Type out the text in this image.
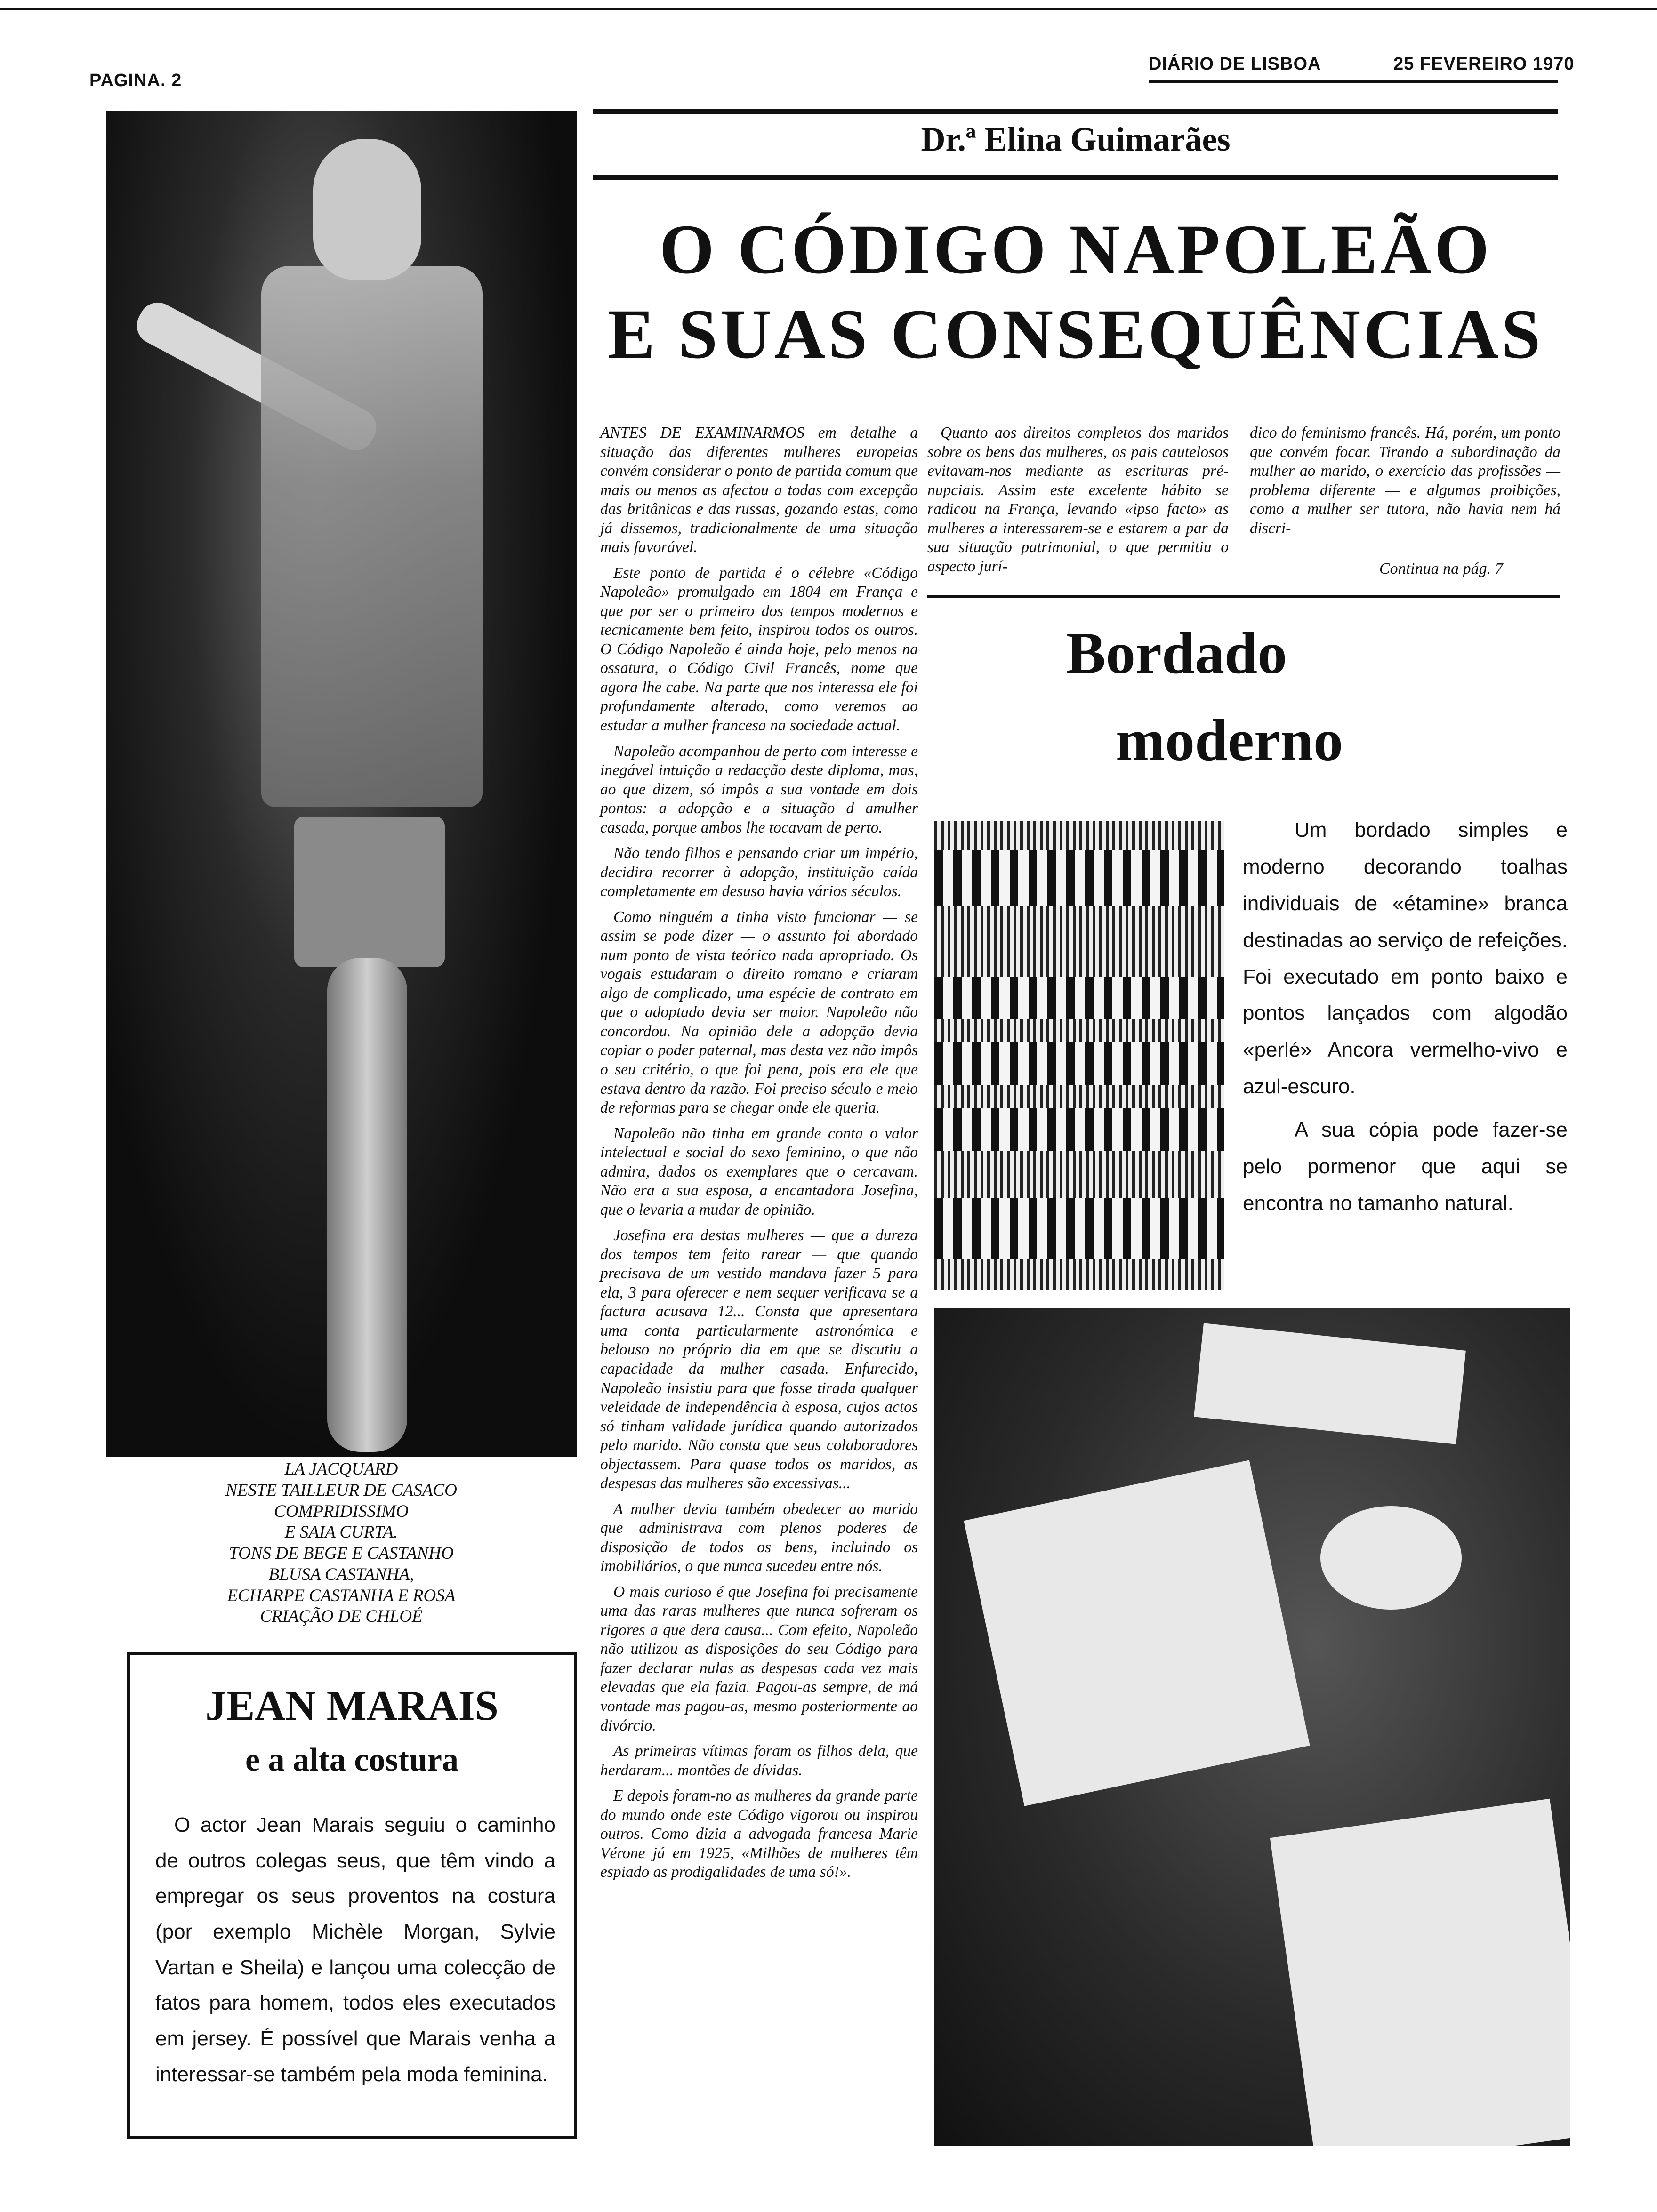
PAGINA. 2
DIÁRIO DE LISBOA	25 FEVEREIRO 1970
LA JACQUARD
NESTE TAILLEUR DE CASACO
COMPRIDISSIMO
E SAIA CURTA.
TONS DE BEGE E CASTANHO
BLUSA CASTANHA,
ECHARPE CASTANHA E ROSA
CRIAÇÃO DE CHLOÉ
JEAN MARAIS
e a alta costura

O actor Jean Marais seguiu o caminho de outros colegas seus, que têm vindo a empregar os seus proventos na costura (por exemplo Michèle Morgan, Sylvie Vartan e Sheila) e lançou uma colecção de fatos para homem, todos eles executados em jersey. É possível que Marais venha a interessar-se também pela moda feminina.

Dr.ª Elina Guimarães
O CÓDIGO NAPOLEÃO
E SUAS CONSEQUÊNCIAS

ANTES DE EXAMINARMOS em detalhe a situação das diferentes mulheres europeias convém considerar o ponto de partida comum que mais ou menos as afectou a todas com excepção das britânicas e das russas, gozando estas, como já dissemos, tradicionalmente de uma situação mais favorável.

Este ponto de partida é o célebre «Código Napoleão» promulgado em 1804 em França e que por ser o primeiro dos tempos modernos e tecnicamente bem feito, inspirou todos os outros. O Código Napoleão é ainda hoje, pelo menos na ossatura, o Código Civil Francês, nome que agora lhe cabe. Na parte que nos interessa ele foi profundamente alterado, como veremos ao estudar a mulher francesa na sociedade actual.

Napoleão acompanhou de perto com interesse e inegável intuição a redacção deste diploma, mas, ao que dizem, só impôs a sua vontade em dois pontos: a adopção e a situação d amulher casada, porque ambos lhe tocavam de perto.

Não tendo filhos e pensando criar um império, decidira recorrer à adopção, instituição caída completamente em desuso havia vários séculos.

Como ninguém a tinha visto funcionar — se assim se pode dizer — o assunto foi abordado num ponto de vista teórico nada apropriado. Os vogais estudaram o direito romano e criaram algo de complicado, uma espécie de contrato em que o adoptado devia ser maior. Napoleão não concordou. Na opinião dele a adopção devia copiar o poder paternal, mas desta vez não impôs o seu critério, o que foi pena, pois era ele que estava dentro da razão. Foi preciso século e meio de reformas para se chegar onde ele queria.

Napoleão não tinha em grande conta o valor intelectual e social do sexo feminino, o que não admira, dados os exemplares que o cercavam. Não era a sua esposa, a encantadora Josefina, que o levaria a mudar de opinião.

Josefina era destas mulheres — que a dureza dos tempos tem feito rarear — que quando precisava de um vestido mandava fazer 5 para ela, 3 para oferecer e nem sequer verificava se a factura acusava 12... Consta que apresentara uma conta particularmente astronómica e belouso no próprio dia em que se discutiu a capacidade da mulher casada. Enfurecido, Napoleão insistiu para que fosse tirada qualquer veleidade de independência à esposa, cujos actos só tinham validade jurídica quando autorizados pelo marido. Não consta que seus colaboradores objectassem. Para quase todos os maridos, as despesas das mulheres são excessivas...

A mulher devia também obedecer ao marido que administrava com plenos poderes de disposição de todos os bens, incluindo os imobiliários, o que nunca sucedeu entre nós.

O mais curioso é que Josefina foi precisamente uma das raras mulheres que nunca sofreram os rigores a que dera causa... Com efeito, Napoleão não utilizou as disposições do seu Código para fazer declarar nulas as despesas cada vez mais elevadas que ela fazia. Pagou-as sempre, de má vontade mas pagou-as, mesmo posteriormente ao divórcio.

As primeiras vítimas foram os filhos dela, que herdaram... montões de dívidas.

E depois foram-no as mulheres da grande parte do mundo onde este Código vigorou ou inspirou outros. Como dizia a advogada francesa Marie Vérone já em 1925, «Milhões de mulheres têm espiado as prodigalidades de uma só!».

Quanto aos direitos completos dos maridos sobre os bens das mulheres, os pais cautelosos evitavam-nos mediante as escrituras pré-nupciais. Assim este excelente hábito se radicou na França, levando «ipso facto» as mulheres a interessarem-se e estarem a par da sua situação patrimonial, o que permitiu o aspecto jurí-

dico do feminismo francês. Há, porém, um ponto que convém focar. Tirando a subordinação da mulher ao marido, o exercício das profissões — problema diferente — e algumas proibições, como a mulher ser tutora, não havia nem há discri-

Continua na pág. 7
Bordado
moderno

Um bordado simples e moderno decorando toalhas individuais de «étamine» branca destinadas ao serviço de refeições. Foi executado em ponto baixo e pontos lançados com algodão «perlé» Ancora vermelho-vivo e azul-escuro.

A sua cópia pode fazer-se pelo pormenor que aqui se encontra no tamanho natural.
